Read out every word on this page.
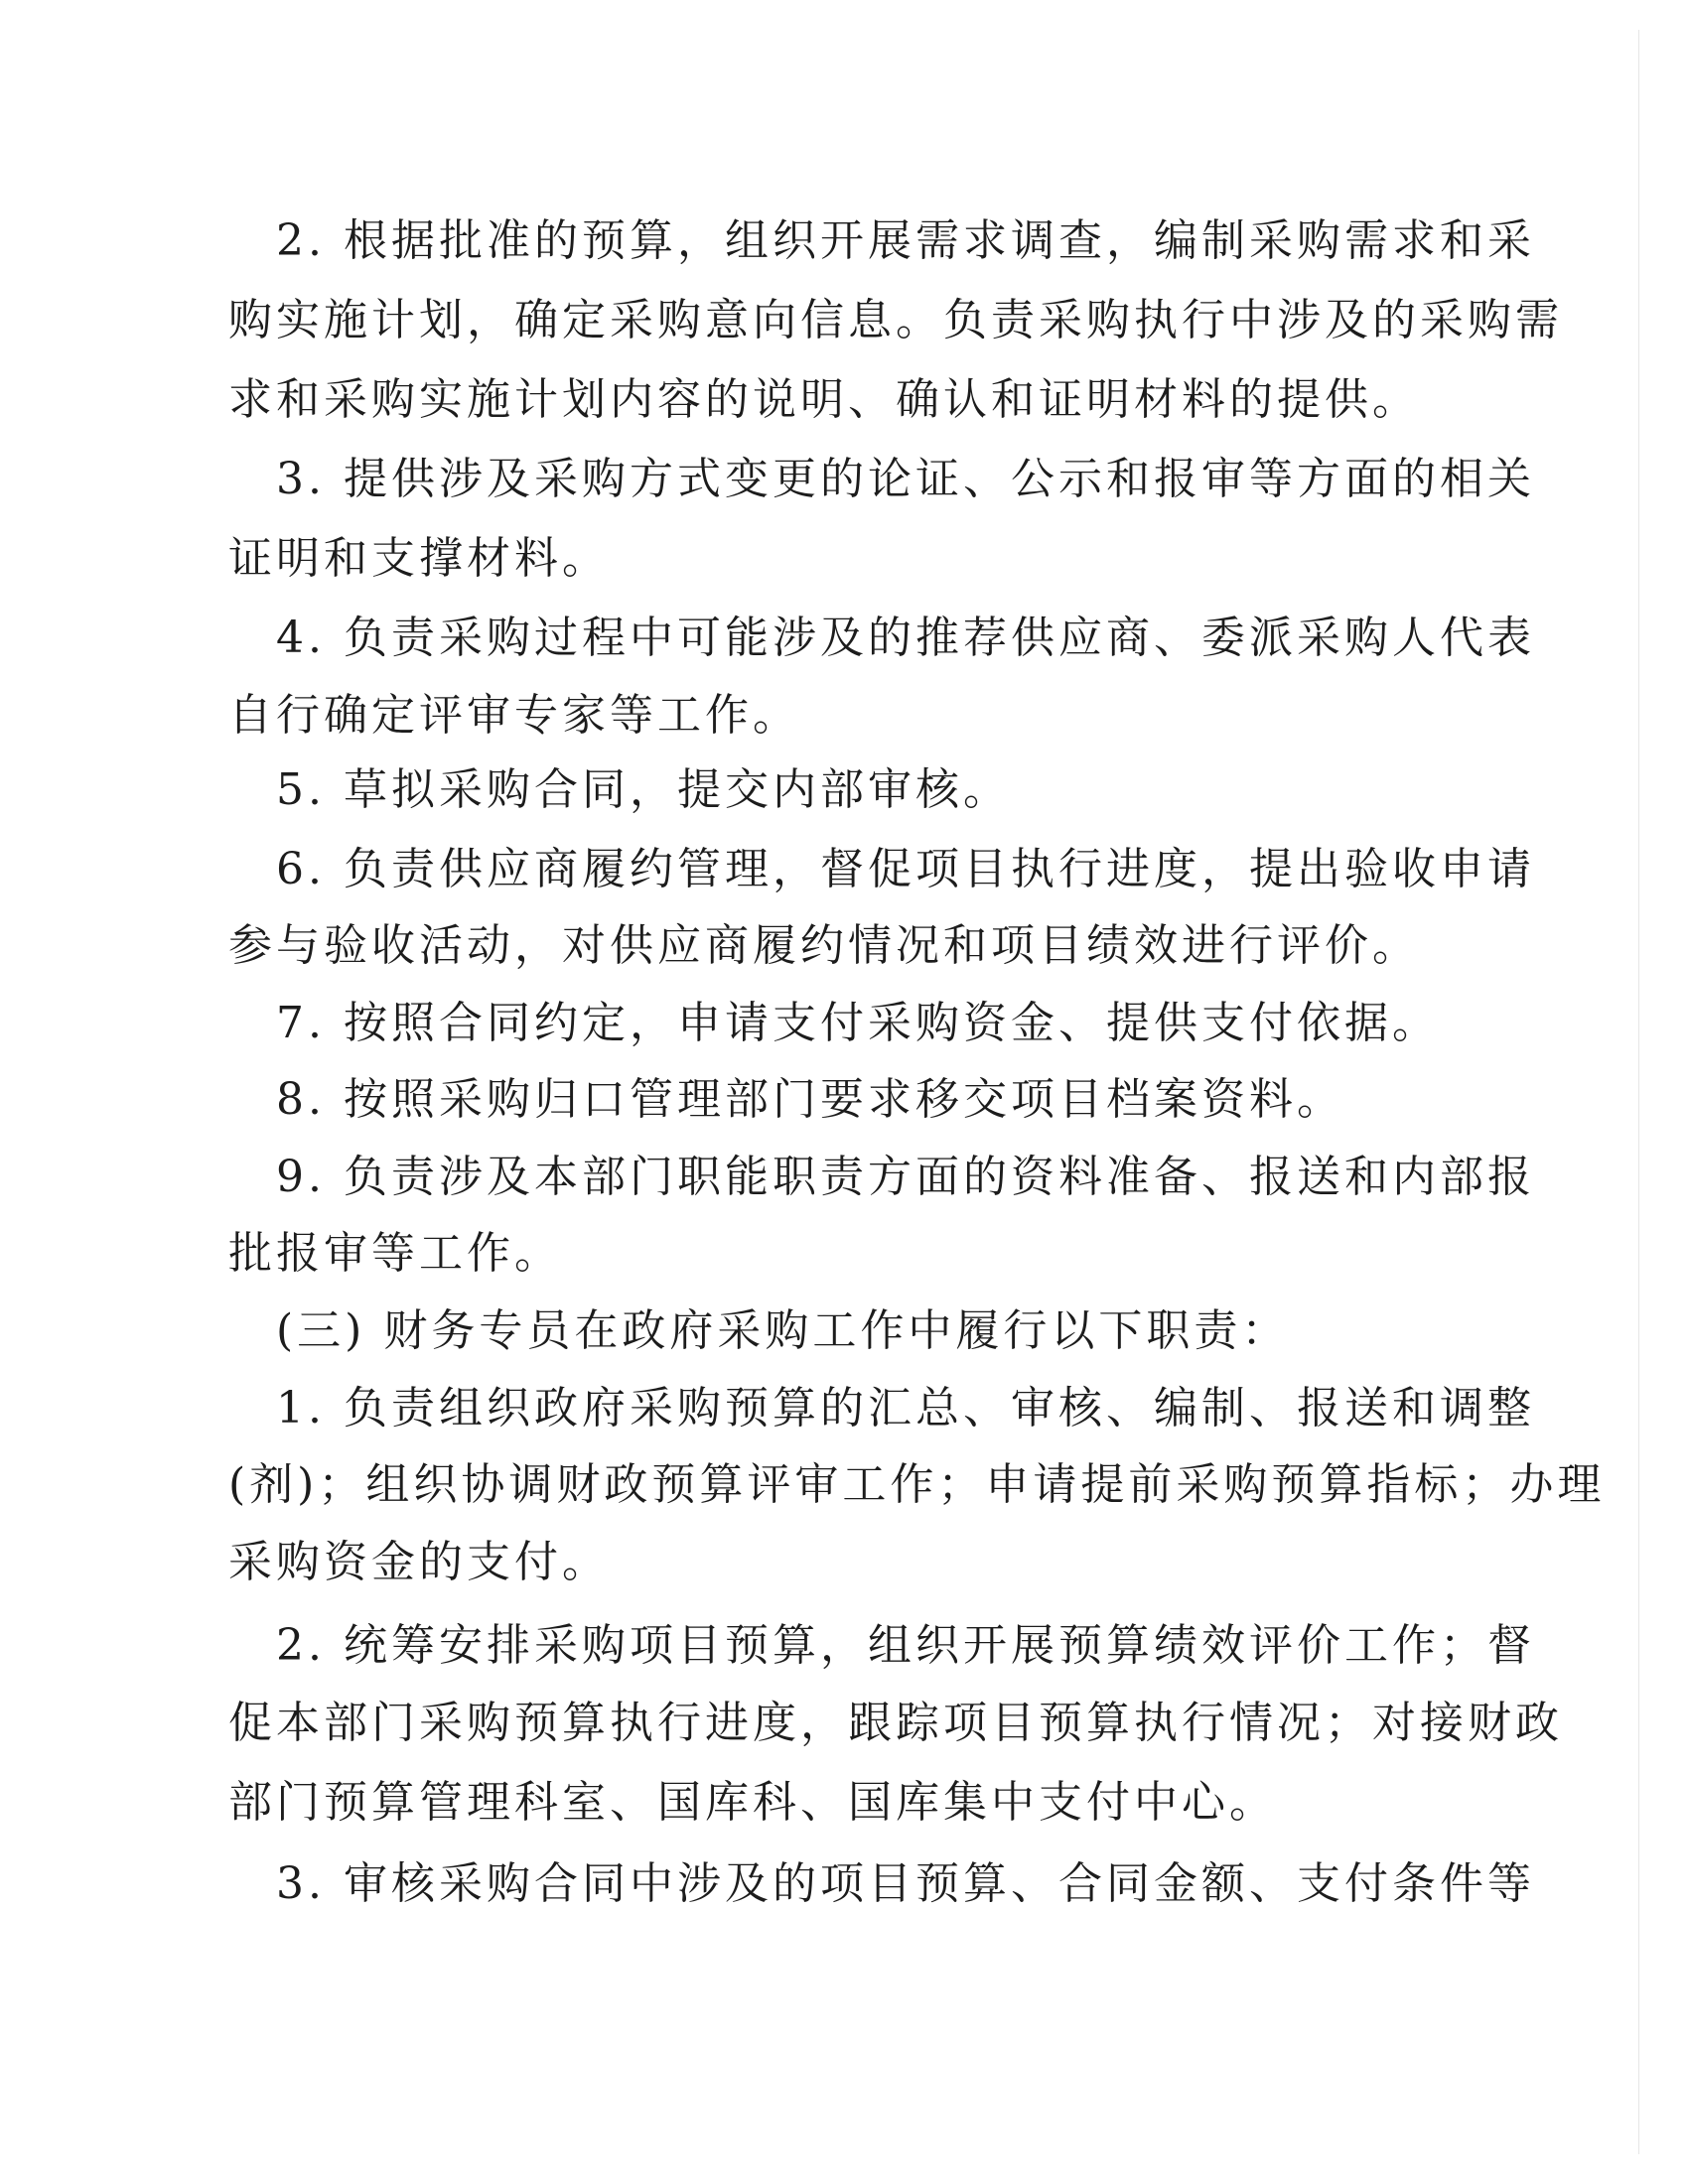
　2. 根据批准的预算，组织开展需求调查，编制采购需求和采
购实施计划，确定采购意向信息。负责采购执行中涉及的采购需
求和采购实施计划内容的说明、确认和证明材料的提供。
　3. 提供涉及采购方式变更的论证、公示和报审等方面的相关
证明和支撑材料。
　4. 负责采购过程中可能涉及的推荐供应商、委派采购人代表
自行确定评审专家等工作。
　5. 草拟采购合同，提交内部审核。
　6. 负责供应商履约管理，督促项目执行进度，提出验收申请
参与验收活动，对供应商履约情况和项目绩效进行评价。
　7. 按照合同约定，申请支付采购资金、提供支付依据。
　8. 按照采购归口管理部门要求移交项目档案资料。
　9. 负责涉及本部门职能职责方面的资料准备、报送和内部报
批报审等工作。
　(三) 财务专员在政府采购工作中履行以下职责：
　1. 负责组织政府采购预算的汇总、审核、编制、报送和调整
(剂)；组织协调财政预算评审工作；申请提前采购预算指标；办理
采购资金的支付。
　2. 统筹安排采购项目预算，组织开展预算绩效评价工作；督
促本部门采购预算执行进度，跟踪项目预算执行情况；对接财政
部门预算管理科室、国库科、国库集中支付中心。
　3. 审核采购合同中涉及的项目预算、合同金额、支付条件等
